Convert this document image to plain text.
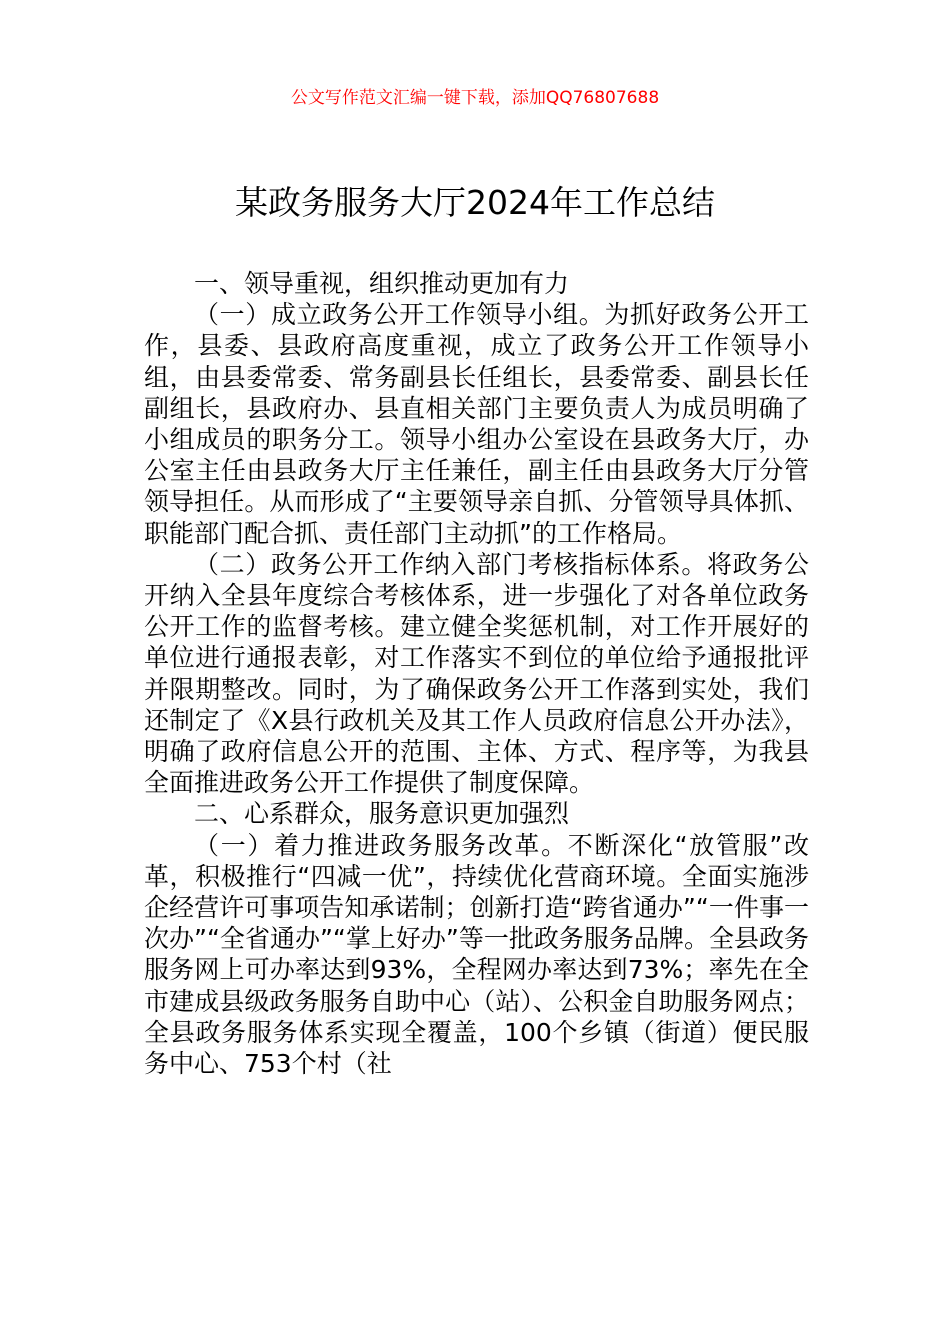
公文写作范文汇编一键下载，添加QQ76807688
某政务服务大厅2024年工作总结

一、领导重视，组织推动更加有力

（一）成立政务公开工作领导小组。为抓好政务公开工作，县委、县政府高度重视，成立了政务公开工作领导小组，由县委常委、常务副县长任组长，县委常委、副县长任副组长，县政府办、县直相关部门主要负责人为成员明确了小组成员的职务分工。领导小组办公室设在县政务大厅，办公室主任由县政务大厅主任兼任，副主任由县政务大厅分管领导担任。从而形成了“主要领导亲自抓、分管领导具体抓、职能部门配合抓、责任部门主动抓”的工作格局。

（二）政务公开工作纳入部门考核指标体系。将政务公开纳入全县年度综合考核体系，进一步强化了对各单位政务公开工作的监督考核。建立健全奖惩机制，对工作开展好的单位进行通报表彰，对工作落实不到位的单位给予通报批评并限期整改。同时，为了确保政务公开工作落到实处，我们还制定了《X县行政机关及其工作人员政府信息公开办法》，明确了政府信息公开的范围、主体、方式、程序等，为我县全面推进政务公开工作提供了制度保障。

二、心系群众，服务意识更加强烈

（一）着力推进政务服务改革。不断深化“放管服”改革，积极推行“四减一优”，持续优化营商环境。全面实施涉企经营许可事项告知承诺制；创新打造“跨省通办”“一件事一次办”“全省通办”“掌上好办”等一批政务服务品牌。全县政务服务网上可办率达到93%，全程网办率达到73%；率先在全市建成县级政务服务自助中心（站）、公积金自助服务网点；全县政务服务体系实现全覆盖，100个乡镇（街道）便民服务中心、753个村（社
